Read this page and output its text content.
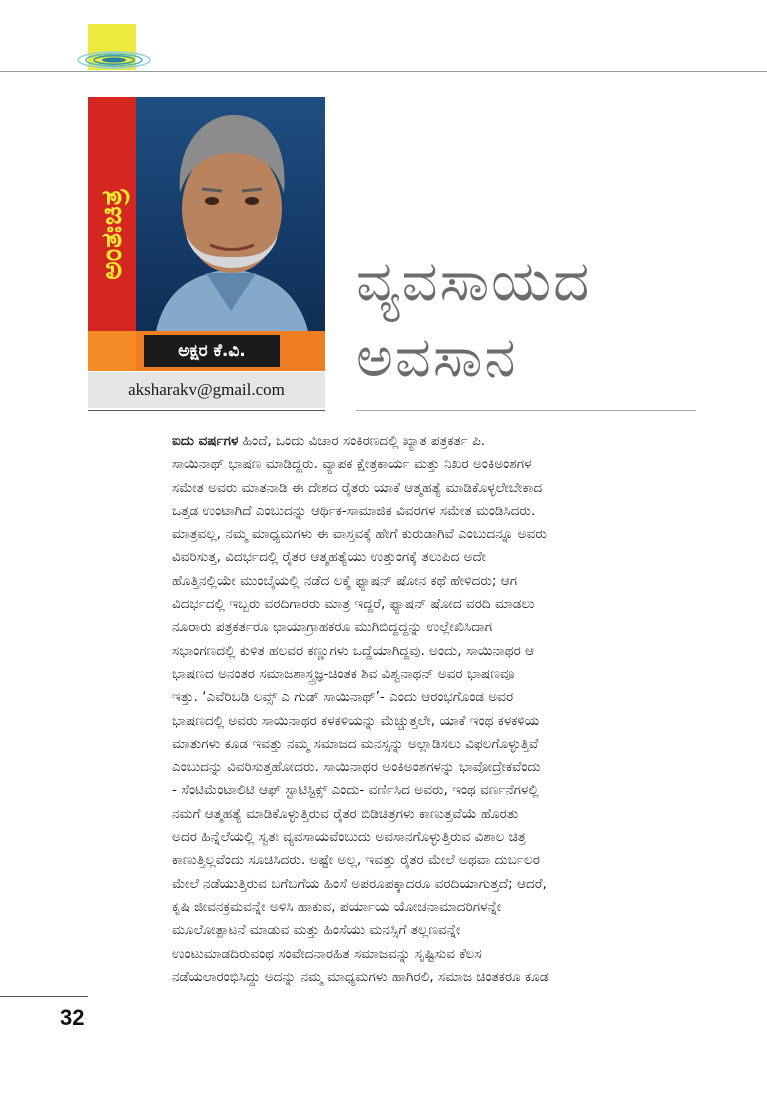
ಅಂತಃಚಿತ್ರ
ಅಕ್ಷರ ಕೆ.ವಿ.
aksharakv@gmail.com
ವ್ಯವಸಾಯದ
ಅವಸಾನ
ಐದು ವರ್ಷಗಳ ಹಿಂದೆ, ಒಂದು ವಿಚಾರ ಸಂಕಿರಣದಲ್ಲಿ ಖ್ಯಾತ ಪತ್ರಕರ್ತ ಪಿ.
ಸಾಯಿನಾಥ್ ಭಾಷಣ ಮಾಡಿದ್ದರು. ವ್ಯಾಪಕ ಕ್ಷೇತ್ರಕಾರ್ಯ ಮತ್ತು ನಿಖರ ಅಂಕಿಅಂಶಗಳ
ಸಮೇತ ಅವರು ಮಾತನಾಡಿ ಈ ದೇಶದ ರೈತರು ಯಾಕೆ ಆತ್ಮಹತ್ಯೆ ಮಾಡಿಕೊಳ್ಳಲೇಬೇಕಾದ
ಒತ್ತಡ ಉಂಟಾಗಿದೆ ಎಂಬುದನ್ನು ಆರ್ಥಿಕ-ಸಾಮಾಜಿಕ ವಿವರಗಳ ಸಮೇತ ಮಂಡಿಸಿದರು.
ಮಾತ್ರವಲ್ಲ, ನಮ್ಮ ಮಾಧ್ಯಮಗಳು ಈ ವಾಸ್ತವಕ್ಕೆ ಹೇಗೆ ಕುರುಡಾಗಿವೆ ಎಂಬುದನ್ನೂ ಅವರು
ವಿವರಿಸುತ್ತ, ವಿದರ್ಭದಲ್ಲಿ ರೈತರ ಆತ್ಮಹತ್ಯೆಯು ಉತ್ತುಂಗಕ್ಕೆ ತಲುಪಿದ ಅದೇ
ಹೊತ್ತಿನಲ್ಲಿಯೇ ಮುಂಬೈಯಲ್ಲಿ ನಡೆದ ಲಕ್ಮೆ ಫ್ಯಾಷನ್ ಷೋನ ಕಥೆ ಹೇಳಿದರು; ಆಗ
ವಿದರ್ಭದಲ್ಲಿ ಇಬ್ಬರು ವರದಿಗಾರರು ಮಾತ್ರ ಇದ್ದರೆ, ಫ್ಯಾಷನ್ ಷೋದ ವರದಿ ಮಾಡಲು
ನೂರಾರು ಪತ್ರಕರ್ತರೂ ಛಾಯಾಗ್ರಾಹಕರೂ ಮುಗಿಬಿದ್ದದ್ದನ್ನು ಉಲ್ಲೇಖಿಸಿದಾಗ
ಸಭಾಂಗಣದಲ್ಲಿ ಕುಳಿತ ಹಲವರ ಕಣ್ಣುಗಳು ಒದ್ದೆಯಾಗಿದ್ದವು. ಅಂದು, ಸಾಯಿನಾಥರ ಆ
ಭಾಷಣದ ಅನಂತರ ಸಮಾಜಶಾಸ್ತ್ರಜ್ಞ-ಚಿಂತಕ ಶಿವ ವಿಶ್ವನಾಥನ್ ಅವರ ಭಾಷಣವೂ
ಇತ್ತು. ‘ಎವೆರಿಬಡಿ ಲವ್ಸ್ ಎ ಗುಡ್ ಸಾಯಿನಾಥ್’- ಎಂದು ಆರಂಭಗೊಂಡ ಅವರ
ಭಾಷಣದಲ್ಲಿ ಅವರು ಸಾಯಿನಾಥರ ಕಳಕಳಿಯನ್ನು ಮೆಚ್ಚುತ್ತಲೇ, ಯಾಕೆ ಇಂಥ ಕಳಕಳಿಯ
ಮಾತುಗಳು ಕೂಡ ಇವತ್ತು ನಮ್ಮ ಸಮಾಜದ ಮನಸ್ಸನ್ನು ಅಲ್ಲಾಡಿಸಲು ವಿಫಲಗೊಳ್ಳುತ್ತಿವೆ
ಎಂಬುದನ್ನು ವಿವರಿಸುತ್ತಹೋದರು. ಸಾಯಿನಾಥರ ಅಂಕಿಅಂಶಗಳನ್ನು ಭಾವೋದ್ರೇಕವೆಂದು
- ಸೆಂಟಿಮೆಂಟಾಲಿಟಿ ಆಫ್ ಸ್ಟಾಟಿಸ್ಟಿಕ್ಸ್ ಎಂದು- ವರ್ಣಿಸಿದ ಅವರು, ಇಂಥ ವರ್ಣನೆಗಳಲ್ಲಿ
ನಮಗೆ ಆತ್ಮಹತ್ಯೆ ಮಾಡಿಕೊಳ್ಳುತ್ತಿರುವ ರೈತರ ಬಿಡಿಚಿತ್ರಗಳು ಕಾಣುತ್ತವೆಯೆ ಹೊರತು
ಅದರ ಹಿನ್ನೆಲೆಯಲ್ಲಿ ಸ್ವತಃ ವ್ಯವಸಾಯವೆಂಬುದು ಅವಸಾನಗೊಳ್ಳುತ್ತಿರುವ ವಿಶಾಲ ಚಿತ್ರ
ಕಾಣುತ್ತಿಲ್ಲವೆಂದು ಸೂಚಿಸಿದರು. ಅಷ್ಟೇ ಅಲ್ಲ, ಇವತ್ತು ರೈತರ ಮೇಲೆ ಅಥವಾ ದುರ್ಬಲರ
ಮೇಲೆ ನಡೆಯುತ್ತಿರುವ ಬಗೆಬಗೆಯ ಹಿಂಸೆ ಅಪರೂಪಕ್ಕಾದರೂ ವರದಿಯಾಗುತ್ತದೆ; ಆದರೆ,
ಕೃಷಿ ಜೀವನಕ್ರಮವನ್ನೇ ಅಳಿಸಿ ಹಾಕುವ, ಪರ್ಯಾಯ ಯೋಚನಾಮಾದರಿಗಳನ್ನೇ
ಮೂಲೋತ್ಪಾಟನೆ ಮಾಡುವ ಮತ್ತು ಹಿಂಸೆಯು ಮನಸ್ಸಿಗೆ ತಲ್ಲಣವನ್ನೇ
ಉಂಟುಮಾಡದಿರುವಂಥ ಸಂವೇದನಾರಹಿತ ಸಮಾಜವನ್ನು ಸೃಷ್ಟಿಸುವ ಕೆಲಸ
ನಡೆಯಲಾರಂಭಿಸಿದ್ದು ಅದನ್ನು ನಮ್ಮ ಮಾಧ್ಯಮಗಳು ಹಾಗಿರಲಿ, ಸಮಾಜ ಚಿಂತಕರೂ ಕೂಡ
32
